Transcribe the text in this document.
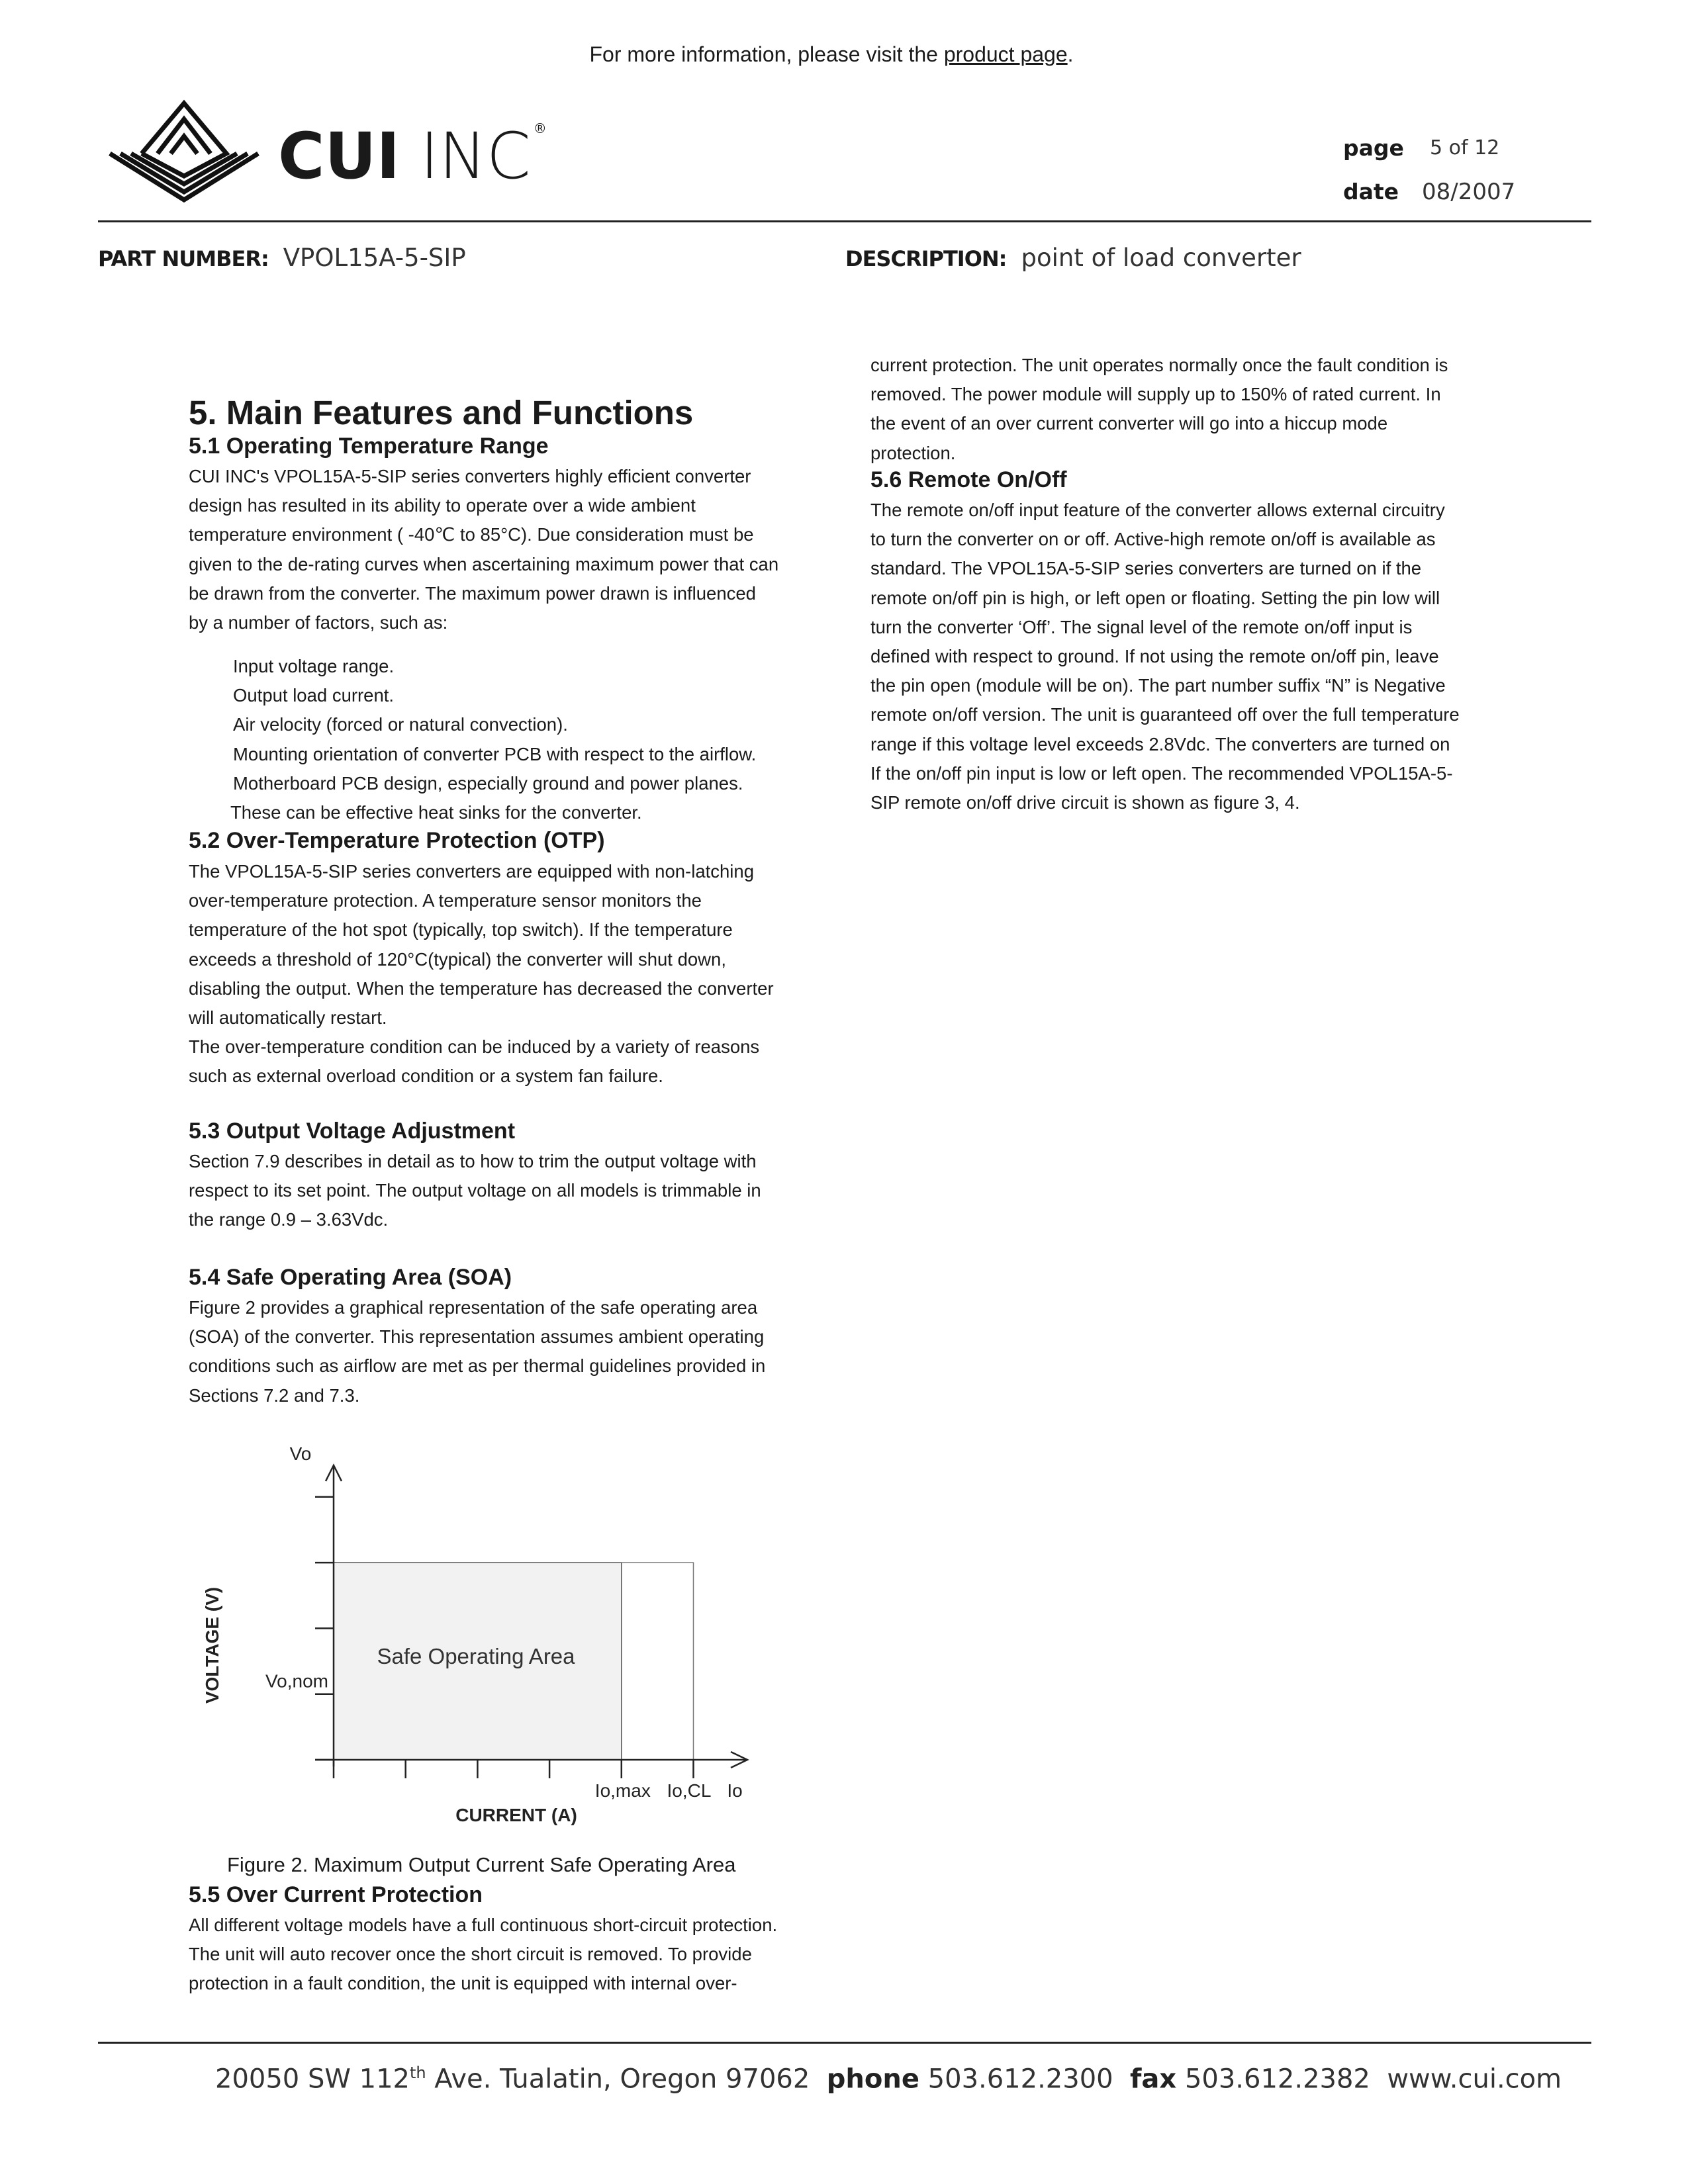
For more information, please visit the product page.
CUI INC ®
page 5 of 12
date 08/2007
PART NUMBER: VPOL15A-5-SIP	DESCRIPTION: point of load converter
5. Main Features and Functions
5.1 Operating Temperature Range
CUI INC's VPOL15A-5-SIP series converters highly efficient converter
design has resulted in its ability to operate over a wide ambient
temperature environment ( -40℃ to 85°C). Due consideration must be
given to the de-rating curves when ascertaining maximum power that can
be drawn from the converter. The maximum power drawn is influenced
by a number of factors, such as:
Input voltage range.
Output load current.
Air velocity (forced or natural convection).
Mounting orientation of converter PCB with respect to the airflow.
Motherboard PCB design, especially ground and power planes.
These can be effective heat sinks for the converter.
5.2 Over-Temperature Protection (OTP)
The VPOL15A-5-SIP series converters are equipped with non-latching
over-temperature protection. A temperature sensor monitors the
temperature of the hot spot (typically, top switch). If the temperature
exceeds a threshold of 120°C(typical) the converter will shut down,
disabling the output. When the temperature has decreased the converter
will automatically restart.
The over-temperature condition can be induced by a variety of reasons
such as external overload condition or a system fan failure.
5.3 Output Voltage Adjustment
Section 7.9 describes in detail as to how to trim the output voltage with
respect to its set point. The output voltage on all models is trimmable in
the range 0.9 – 3.63Vdc.
5.4 Safe Operating Area (SOA)
Figure 2 provides a graphical representation of the safe operating area
(SOA) of the converter. This representation assumes ambient operating
conditions such as airflow are met as per thermal guidelines provided in
Sections 7.2 and 7.3.
Io,max Io,CL
Vo,nom
Io
Vo
CURRENT (A)
VOLTAGE (V)	Safe Operating Area
Figure 2. Maximum Output Current Safe Operating Area
5.5 Over Current Protection
All different voltage models have a full continuous short-circuit protection.
The unit will auto recover once the short circuit is removed. To provide
protection in a fault condition, the unit is equipped with internal over-
current protection. The unit operates normally once the fault condition is
removed. The power module will supply up to 150% of rated current. In
the event of an over current converter will go into a hiccup mode
protection.
5.6 Remote On/Off
The remote on/off input feature of the converter allows external circuitry
to turn the converter on or off. Active-high remote on/off is available as
standard. The VPOL15A-5-SIP series converters are turned on if the
remote on/off pin is high, or left open or floating. Setting the pin low will
turn the converter ‘Off’. The signal level of the remote on/off input is
defined with respect to ground. If not using the remote on/off pin, leave
the pin open (module will be on). The part number suffix “N” is Negative
remote on/off version. The unit is guaranteed off over the full temperature
range if this voltage level exceeds 2.8Vdc. The converters are turned on
If the on/off pin input is low or left open. The recommended VPOL15A-5-
SIP remote on/off drive circuit is shown as figure 3, 4.
20050 SW 112th Ave. Tualatin, Oregon 97062 phone 503.612.2300 fax 503.612.2382 www.cui.com
